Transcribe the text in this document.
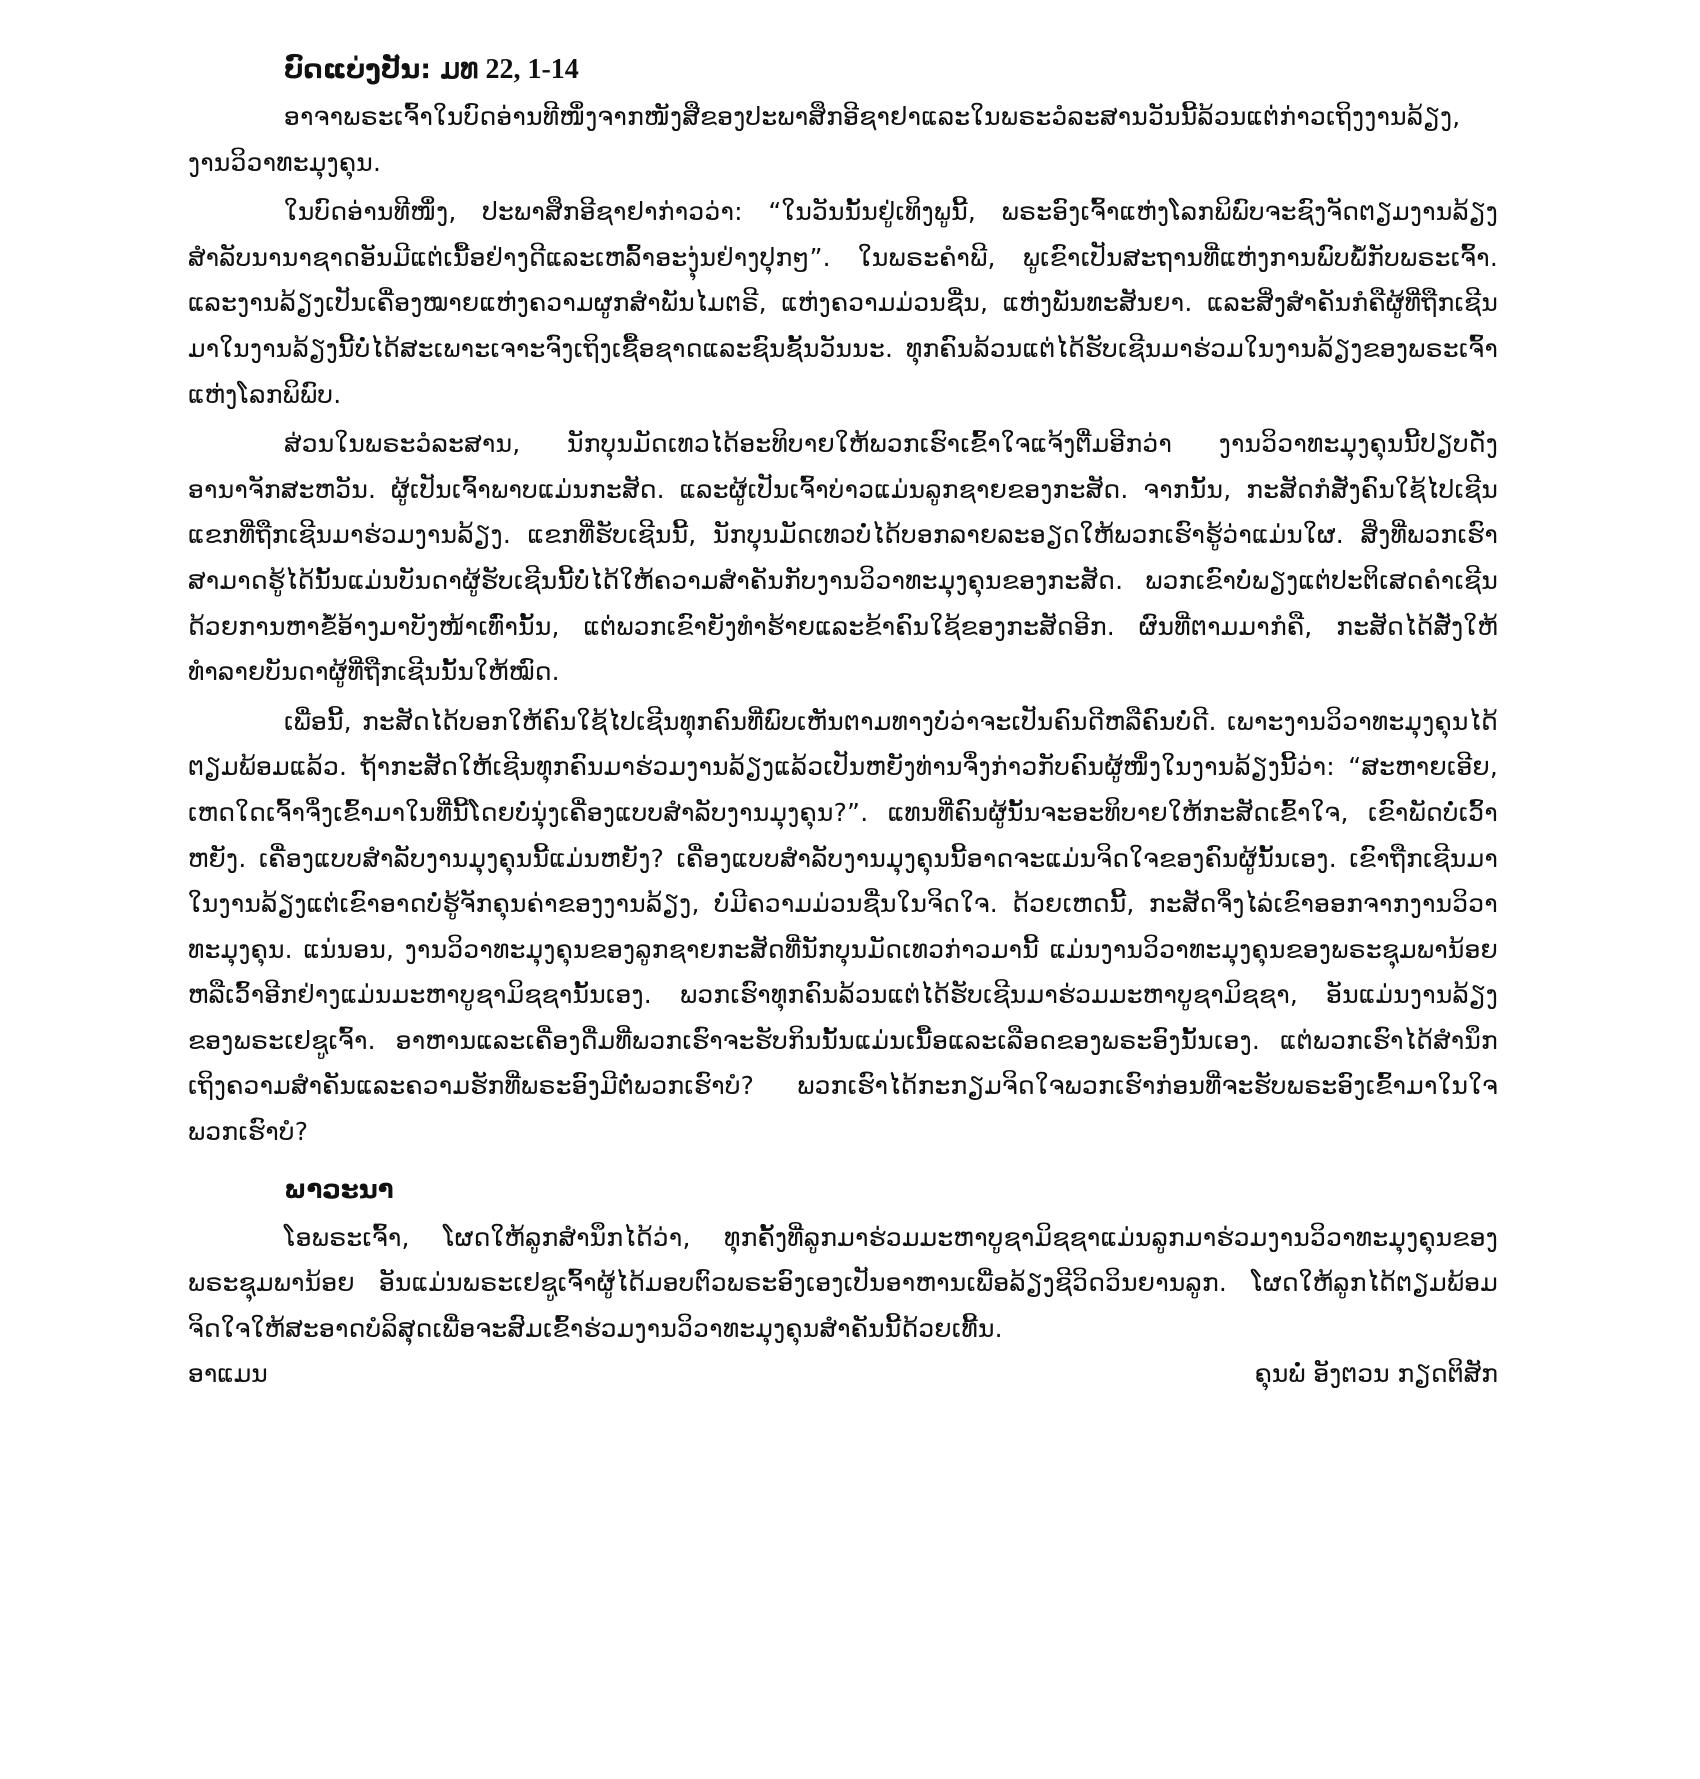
ບົດແບ່ງປັນ: ມທ 22, 1-14

ອາຈາພຣະເຈົ້າໃນບົດອ່ານທີໜຶ່ງຈາກໜັງສືຂອງປະພາສຶກອີຊາຢາແລະໃນພຣະວໍລະສານວັນນີ້ລ້ວນແຕ່ກ່າວເຖິງງານລ້ຽງ, ງານວິວາທະມຸງຄຸນ.

ໃນບົດອ່ານທີໜຶ່ງ, ປະພາສຶກອີຊາຢາກ່າວວ່າ: “ໃນວັນນັ້ນຢູ່ເທິງພູນີ້, ພຣະອົງເຈົ້າແຫ່ງໂລກພິພົບຈະຊົງຈັດຕຽມງານລ້ຽງສຳລັບນານາຊາດອັນມີແຕ່ເນື້ອຢ່າງດີແລະເຫລົ້າອະງຸ່ນຢ່າງປຸກໆ”. ໃນພຣະຄຳພີ, ພູເຂົາເປັນສະຖານທີ່ແຫ່ງການພົບພໍ້ກັບພຣະເຈົ້າ. ແລະງານລ້ຽງເປັນເຄື່ອງໝາຍແຫ່ງຄວາມຜູກສຳພັນໄມຕຣີ, ແຫ່ງຄວາມມ່ວນຊື່ນ, ແຫ່ງພັນທະສັນຍາ. ແລະສິ່ງສຳຄັນກໍຄືຜູ້ທີ່ຖືກເຊີນມາໃນງານລ້ຽງນີ້ບໍ່ໄດ້ສະເພາະເຈາະຈົງເຖິງເຊື້ອຊາດແລະຊົນຊັ້ນວັນນະ. ທຸກຄົນລ້ວນແຕ່ໄດ້ຮັບເຊີນມາຮ່ວມໃນງານລ້ຽງຂອງພຣະເຈົ້າແຫ່ງໂລກພິພົບ.

ສ່ວນໃນພຣະວໍລະສານ, ນັກບຸນມັດເທວໄດ້ອະທິບາຍໃຫ້ພວກເຮົາເຂົ້າໃຈແຈ້ງຕື່ມອີກວ່າ ງານວິວາທະມຸງຄຸນນີ້ປຽບດັ່ງອານາຈັກສະຫວັນ. ຜູ້ເປັນເຈົ້າພາບແມ່ນກະສັດ. ແລະຜູ້ເປັນເຈົ້າບ່າວແມ່ນລູກຊາຍຂອງກະສັດ. ຈາກນັ້ນ, ກະສັດກໍສັ່ງຄົນໃຊ້ໄປເຊີນແຂກທີ່ຖືກເຊີນມາຮ່ວມງານລ້ຽງ. ແຂກທີ່ຮັບເຊີນນີ້, ນັກບຸນມັດເທວບໍ່ໄດ້ບອກລາຍລະອຽດໃຫ້ພວກເຮົາຮູ້ວ່າແມ່ນໃຜ. ສິ່ງທີ່ພວກເຮົາສາມາດຮູ້ໄດ້ນັ້ນແມ່ນບັນດາຜູ້ຮັບເຊີນນີ້ບໍ່ໄດ້ໃຫ້ຄວາມສຳຄັນກັບງານວິວາທະມຸງຄຸນຂອງກະສັດ. ພວກເຂົາບໍ່ພຽງແຕ່ປະຕິເສດຄຳເຊີນດ້ວຍການຫາຂໍ້ອ້າງມາບັງໜ້າເທົ່ານັ້ນ, ແຕ່ພວກເຂົາຍັງທຳຮ້າຍແລະຂ້າຄົນໃຊ້ຂອງກະສັດອີກ. ຜົນທີ່ຕາມມາກໍຄື, ກະສັດໄດ້ສັ່ງໃຫ້ທຳລາຍບັນດາຜູ້ທີ່ຖືກເຊີນນັ້ນໃຫ້ໝົດ.

ເພື່ອນີ້, ກະສັດໄດ້ບອກໃຫ້ຄົນໃຊ້ໄປເຊີນທຸກຄົນທີ່ພົບເຫັນຕາມທາງບໍ່ວ່າຈະເປັນຄົນດີຫລືຄົນບໍ່ດີ. ເພາະງານວິວາທະມຸງຄຸນໄດ້ຕຽມພ້ອມແລ້ວ. ຖ້າກະສັດໃຫ້ເຊີນທຸກຄົນມາຮ່ວມງານລ້ຽງແລ້ວເປັນຫຍັງທ່ານຈຶ່ງກ່າວກັບຄົນຜູ້ໜຶ່ງໃນງານລ້ຽງນີ້ວ່າ: “ສະຫາຍເອີຍ, ເຫດໃດເຈົ້າຈຶ່ງເຂົ້າມາໃນທີ່ນີ້ໂດຍບໍ່ນຸ່ງເຄື່ອງແບບສຳລັບງານມຸງຄຸນ?”. ແທນທີ່ຄົນຜູ້ນັ້ນຈະອະທິບາຍໃຫ້ກະສັດເຂົ້າໃຈ, ເຂົາພັດບໍ່ເວົ້າຫຍັງ. ເຄື່ອງແບບສຳລັບງານມຸງຄຸນນີ້ແມ່ນຫຍັງ? ເຄື່ອງແບບສຳລັບງານມຸງຄຸນນີ້ອາດຈະແມ່ນຈິດໃຈຂອງຄົນຜູ້ນັ້ນເອງ. ເຂົາຖືກເຊີນມາໃນງານລ້ຽງແຕ່ເຂົາອາດບໍ່ຮູ້ຈັກຄຸນຄ່າຂອງງານລ້ຽງ, ບໍ່ມີຄວາມມ່ວນຊື່ນໃນຈິດໃຈ. ດ້ວຍເຫດນີ້, ກະສັດຈຶ່ງໄລ່ເຂົາອອກຈາກງານວິວາທະມຸງຄຸນ. ແນ່ນອນ, ງານວິວາທະມຸງຄຸນຂອງລູກຊາຍກະສັດທີ່ນັກບຸນມັດເທວກ່າວມານີ້ ແມ່ນງານວິວາທະມຸງຄຸນຂອງພຣະຊຸມພານ້ອຍ ຫລືເວົ້າອີກຢ່າງແມ່ນມະຫາບູຊາມິຊຊານັ້ນເອງ. ພວກເຮົາທຸກຄົນລ້ວນແຕ່ໄດ້ຮັບເຊີນມາຮ່ວມມະຫາບູຊາມິຊຊາ, ອັນແມ່ນງານລ້ຽງຂອງພຣະເຢຊູເຈົ້າ. ອາຫານແລະເຄື່ອງດື່ມທີ່ພວກເຮົາຈະຮັບກິນນັ້ນແມ່ນເນື້ອແລະເລືອດຂອງພຣະອົງນັ້ນເອງ. ແຕ່ພວກເຮົາໄດ້ສຳນຶກເຖິງຄວາມສຳຄັນແລະຄວາມຮັກທີ່ພຣະອົງມີຕໍ່ພວກເຮົາບໍ? ພວກເຮົາໄດ້ກະກຽມຈິດໃຈພວກເຮົາກ່ອນທີ່ຈະຮັບພຣະອົງເຂົ້າມາໃນໃຈພວກເຮົາບໍ?

ພາວະນາ

ໂອພຣະເຈົ້າ, ໂຜດໃຫ້ລູກສຳນຶກໄດ້ວ່າ, ທຸກຄັ້ງທີ່ລູກມາຮ່ວມມະຫາບູຊາມິຊຊາແມ່ນລູກມາຮ່ວມງານວິວາທະມຸງຄຸນຂອງພຣະຊຸມພານ້ອຍ ອັນແມ່ນພຣະເຢຊູເຈົ້າຜູ້ໄດ້ມອບຕົວພຣະອົງເອງເປັນອາຫານເພື່ອລ້ຽງຊີວິດວິນຍານລູກ. ໂຜດໃຫ້ລູກໄດ້ຕຽມພ້ອມຈິດໃຈໃຫ້ສະອາດບໍລິສຸດເພື່ອຈະສົມເຂົ້າຮ່ວມງານວິວາທະມຸງຄຸນສຳຄັນນີ້ດ້ວຍເທີ້ນ.

ອາແມນ	ຄຸນພໍ່ ອັງຕວນ ກຽດຕິສັກ
